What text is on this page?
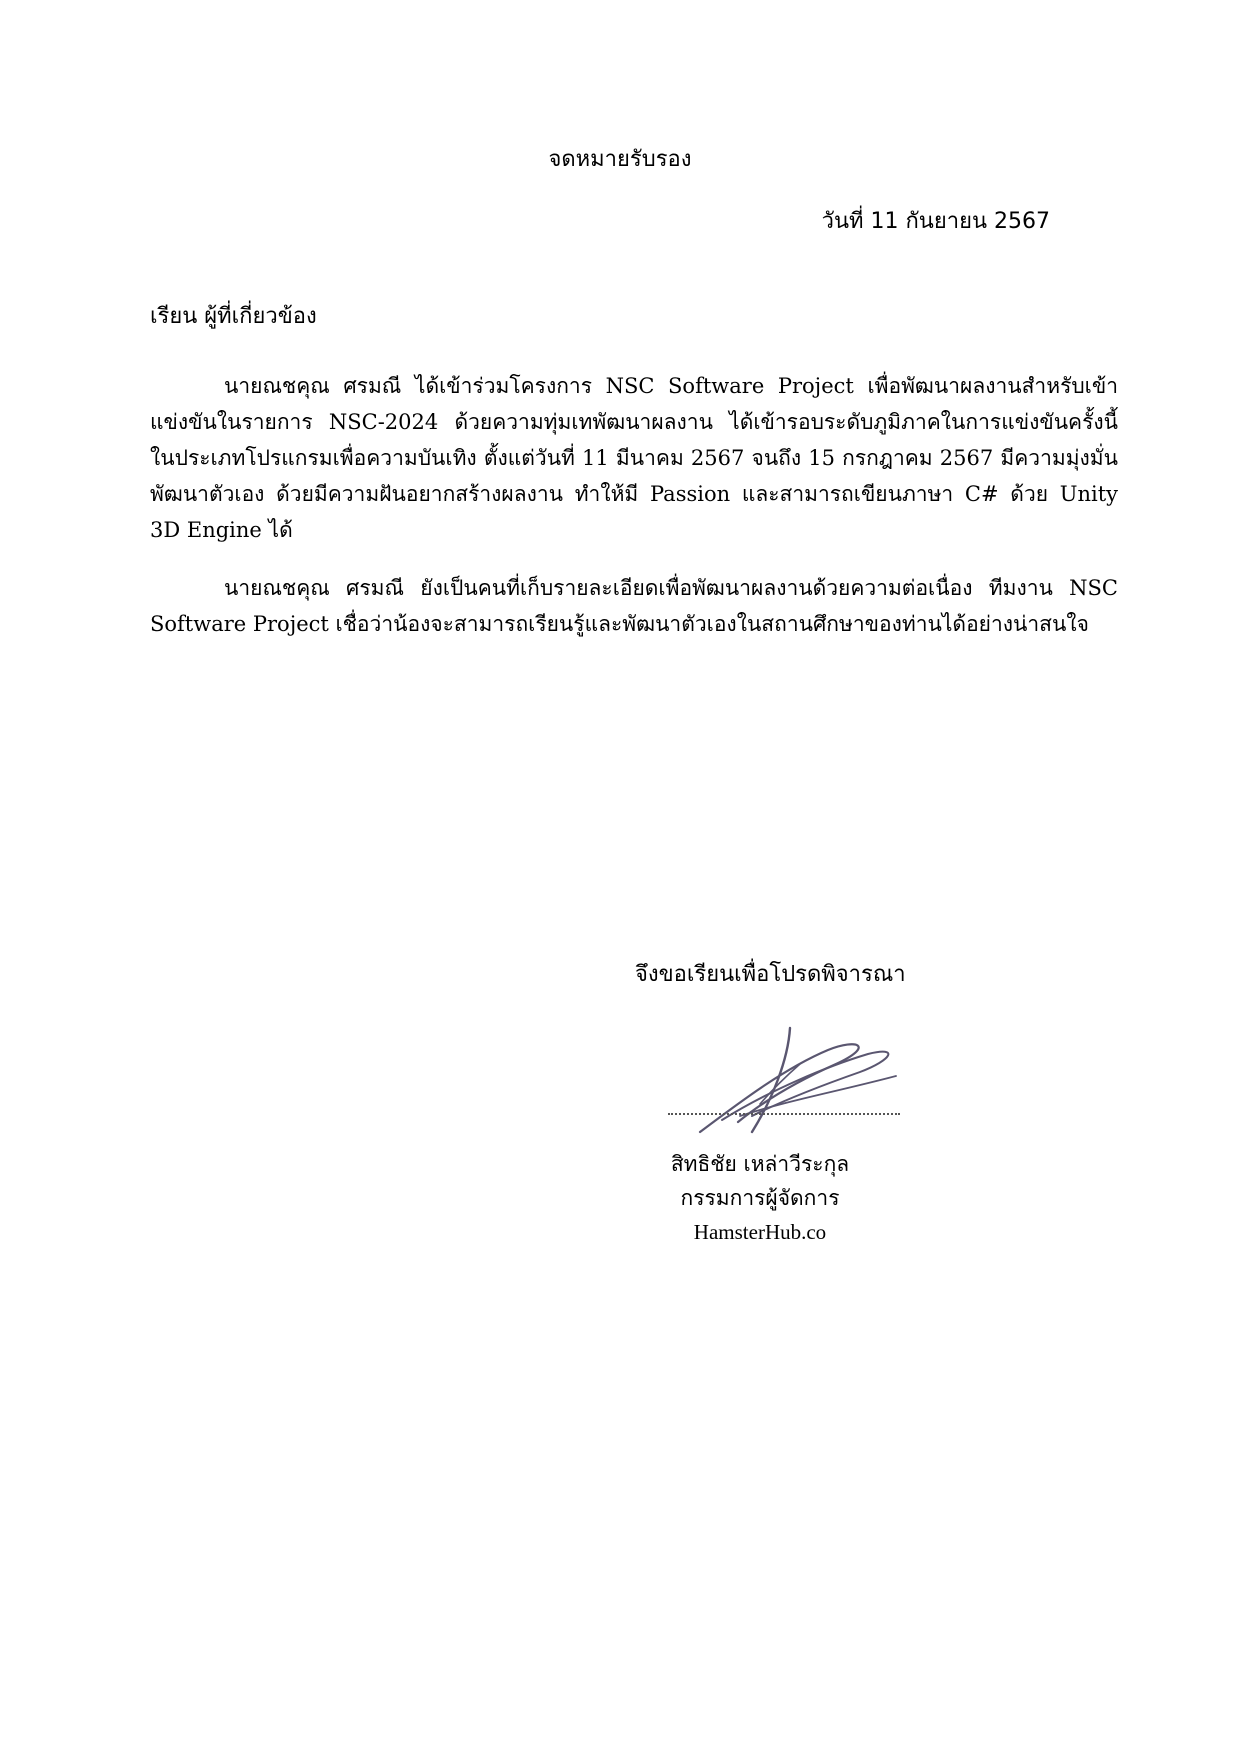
จดหมายรับรอง
วันที่ 11 กันยายน 2567
เรียน ผู้ที่เกี่ยวข้อง

นายณชคุณ ศรมณี ได้เข้าร่วมโครงการ NSC Software Project เพื่อพัฒนาผลงานสำหรับเข้าแข่งขันในรายการ NSC-2024 ด้วยความทุ่มเทพัฒนาผลงาน ได้เข้ารอบระดับภูมิภาคในการแข่งขันครั้งนี้ ในประเภทโปรแกรมเพื่อความบันเทิง ตั้งแต่วันที่ 11 มีนาคม 2567 จนถึง 15 กรกฎาคม 2567 มีความมุ่งมั่นพัฒนาตัวเอง ด้วยมีความฝันอยากสร้างผลงาน ทำให้มี Passion และสามารถเขียนภาษา C# ด้วย Unity 3D Engine ได้

นายณชคุณ ศรมณี ยังเป็นคนที่เก็บรายละเอียดเพื่อพัฒนาผลงานด้วยความต่อเนื่อง ทีมงาน NSC Software Project เชื่อว่าน้องจะสามารถเรียนรู้และพัฒนาตัวเองในสถานศึกษาของท่านได้อย่างน่าสนใจ

จึงขอเรียนเพื่อโปรดพิจารณา
สิทธิชัย เหล่าวีระกุล
กรรมการผู้จัดการ
HamsterHub.co
